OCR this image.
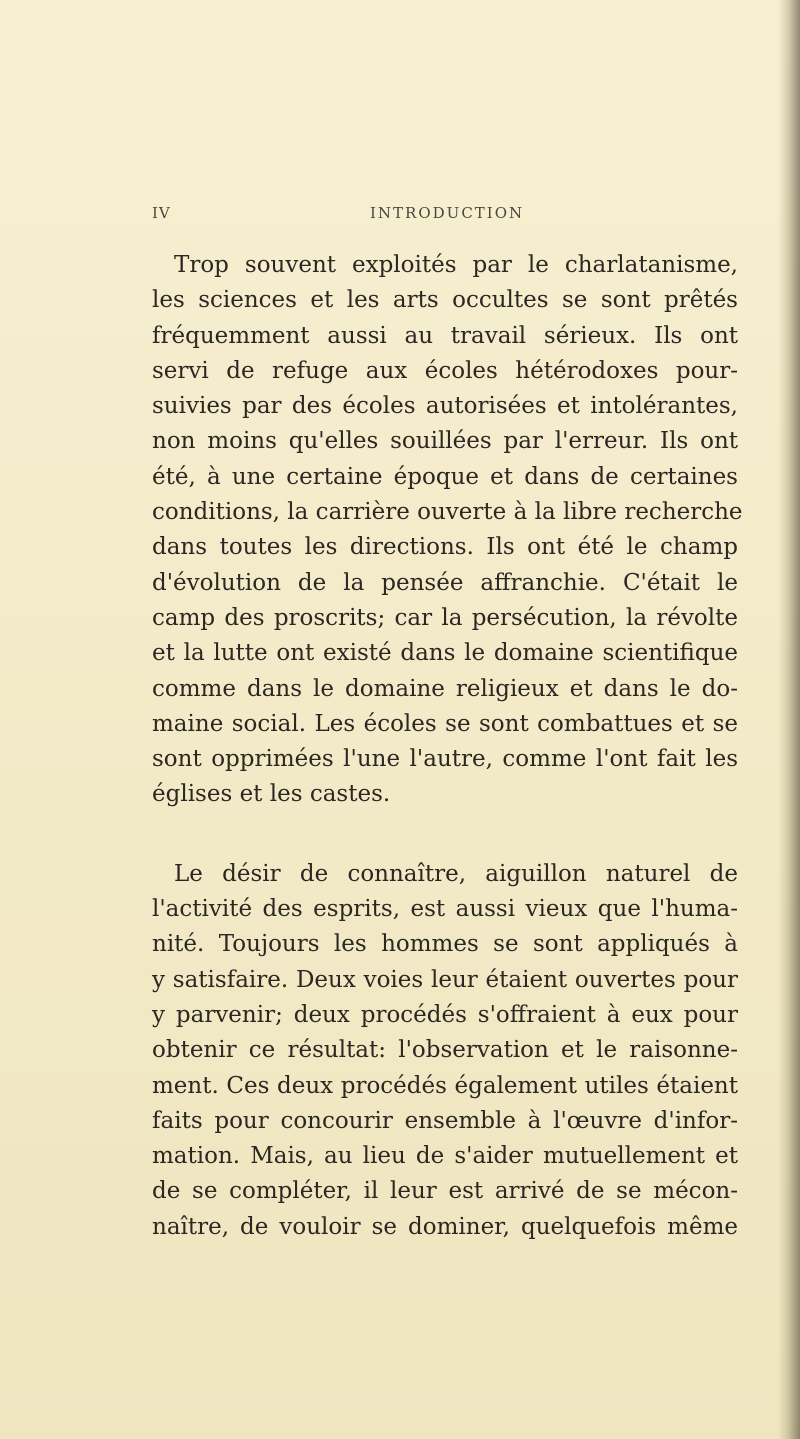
IV	INTRODUCTION
Trop souvent exploités par le charlatanisme,
les sciences et les arts occultes se sont prêtés
fréquemment aussi au travail sérieux. Ils ont
servi de refuge aux écoles hétérodoxes pour-
suivies par des écoles autorisées et intolérantes,
non moins qu'elles souillées par l'erreur. Ils ont
été, à une certaine époque et dans de certaines
conditions, la carrière ouverte à la libre recherche
dans toutes les directions. Ils ont été le champ
d'évolution de la pensée affranchie. C'était le
camp des proscrits; car la persécution, la révolte
et la lutte ont existé dans le domaine scientifique
comme dans le domaine religieux et dans le do-
maine social. Les écoles se sont combattues et se
sont opprimées l'une l'autre, comme l'ont fait les
églises et les castes.
Le désir de connaître, aiguillon naturel de
l'activité des esprits, est aussi vieux que l'huma-
nité. Toujours les hommes se sont appliqués à
y satisfaire. Deux voies leur étaient ouvertes pour
y parvenir; deux procédés s'offraient à eux pour
obtenir ce résultat: l'observation et le raisonne-
ment. Ces deux procédés également utiles étaient
faits pour concourir ensemble à l'œuvre d'infor-
mation. Mais, au lieu de s'aider mutuellement et
de se compléter, il leur est arrivé de se mécon-
naître, de vouloir se dominer, quelquefois même
